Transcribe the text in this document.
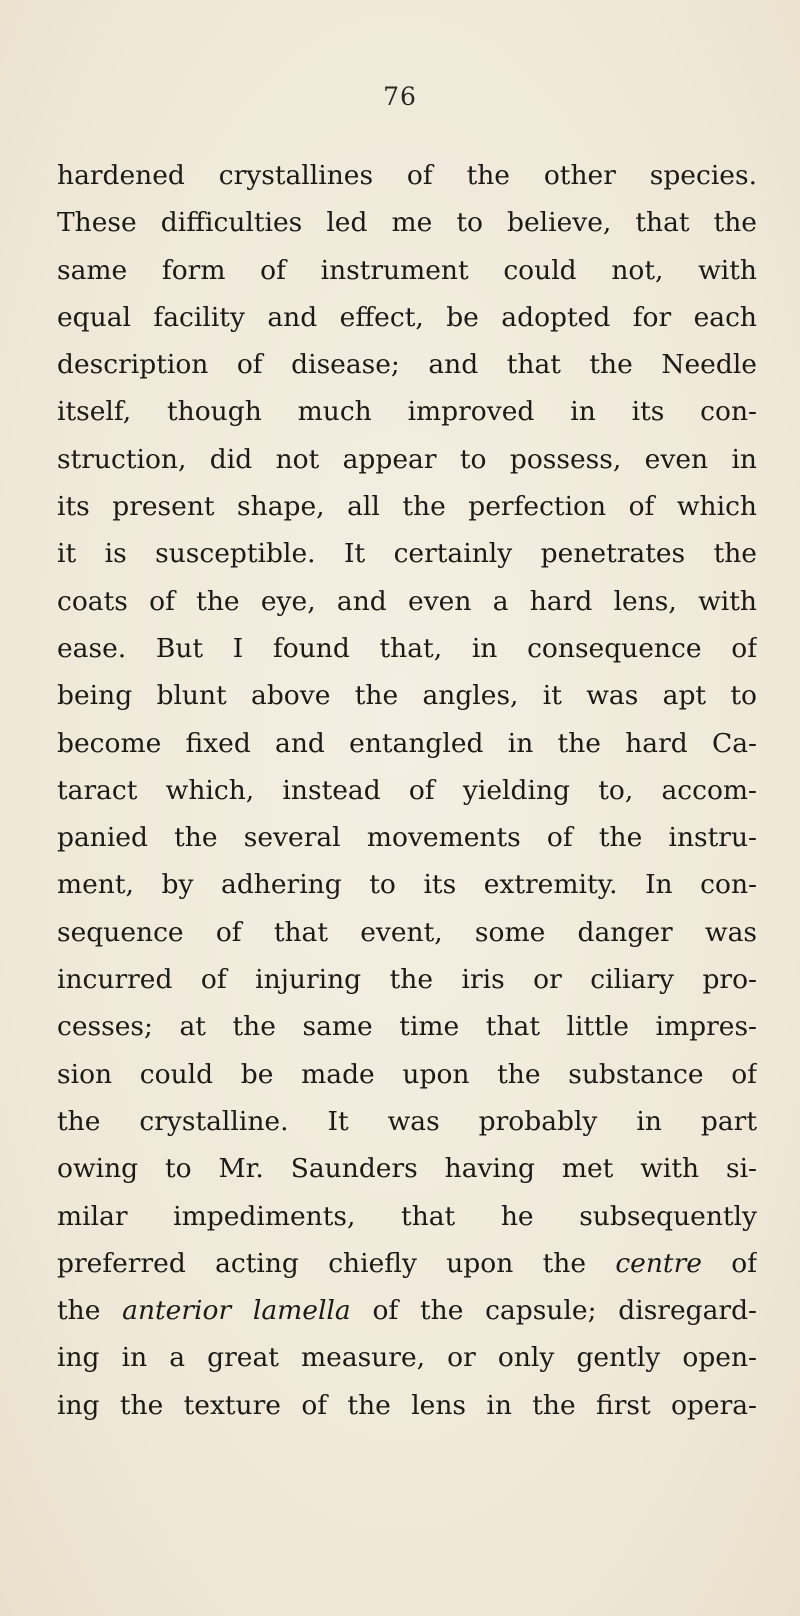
76
hardened crystallines of the other species.
These difficulties led me to believe, that the
same form of instrument could not, with
equal facility and effect, be adopted for each
description of disease; and that the Needle
itself, though much improved in its con-
struction, did not appear to possess, even in
its present shape, all the perfection of which
it is susceptible. It certainly penetrates the
coats of the eye, and even a hard lens, with
ease. But I found that, in consequence of
being blunt above the angles, it was apt to
become fixed and entangled in the hard Ca-
taract which, instead of yielding to, accom-
panied the several movements of the instru-
ment, by adhering to its extremity. In con-
sequence of that event, some danger was
incurred of injuring the iris or ciliary pro-
cesses; at the same time that little impres-
sion could be made upon the substance of
the crystalline. It was probably in part
owing to Mr. Saunders having met with si-
milar impediments, that he subsequently
preferred acting chiefly upon the centre of
the anterior lamella of the capsule; disregard-
ing in a great measure, or only gently open-
ing the texture of the lens in the first opera-
